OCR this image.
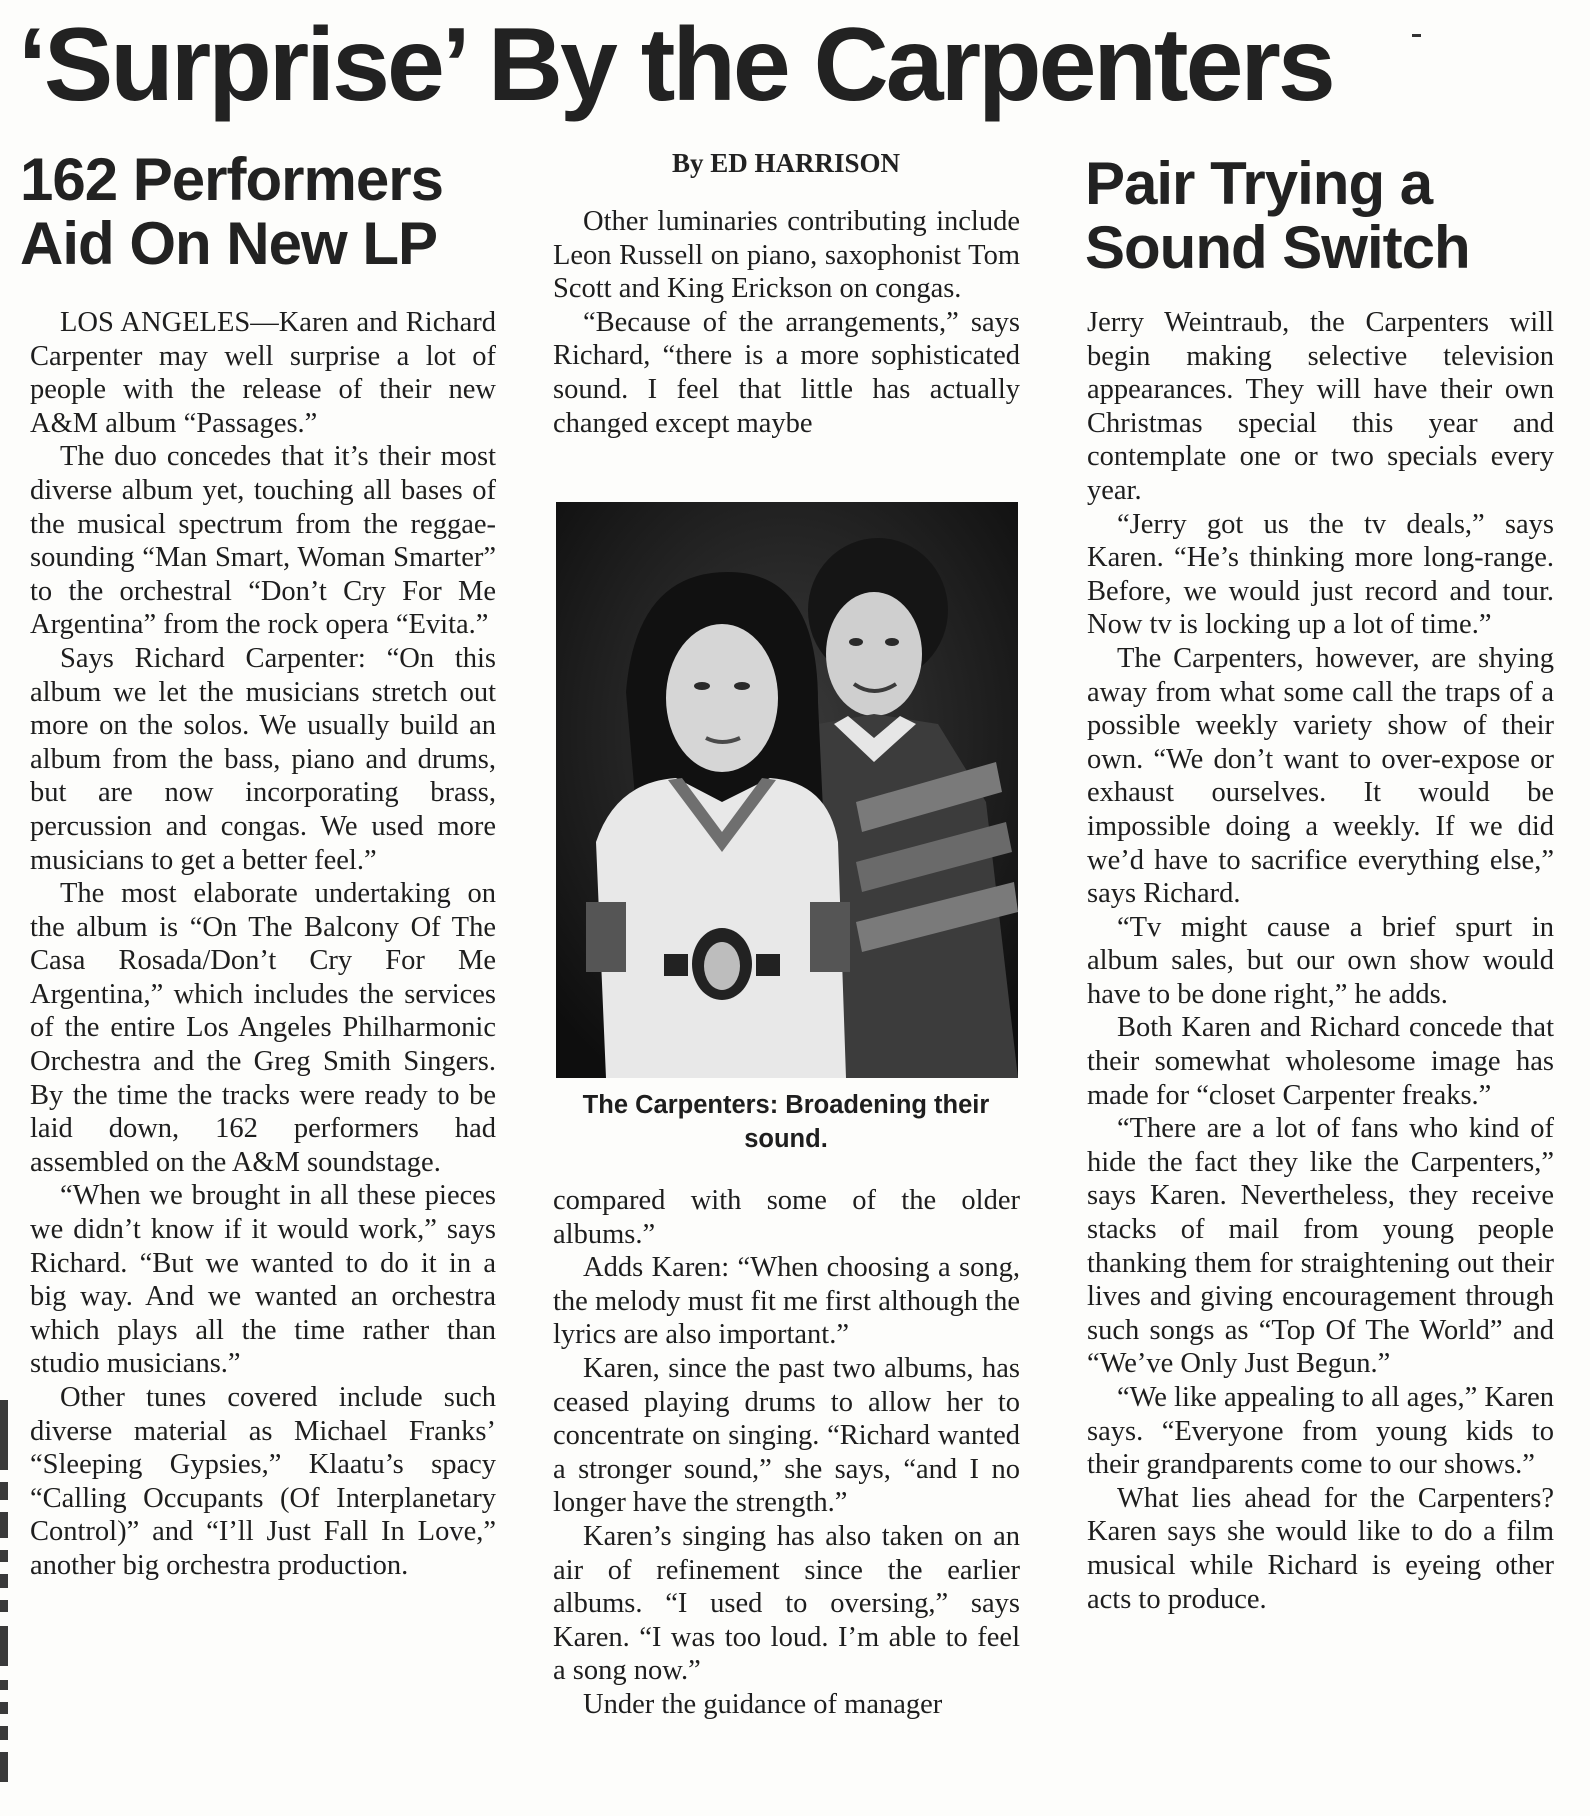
‘Surprise’ By the Carpenters
162 Performers Aid On New LP
Pair Trying a Sound Switch
By ED HARRISON

LOS ANGELES—Karen and Richard Carpenter may well surprise a lot of people with the release of their new A&M album “Passages.”

The duo concedes that it’s their most diverse album yet, touching all bases of the musical spectrum from the reggae-sounding “Man Smart, Woman Smarter” to the orchestral “Don’t Cry For Me Argentina” from the rock opera “Evita.”

Says Richard Carpenter: “On this album we let the musicians stretch out more on the solos. We usually build an album from the bass, piano and drums, but are now incorporating brass, percussion and congas. We used more musicians to get a better feel.”

The most elaborate undertaking on the album is “On The Balcony Of The Casa Rosada/Don’t Cry For Me Argentina,” which includes the services of the entire Los Angeles Philharmonic Orchestra and the Greg Smith Singers. By the time the tracks were ready to be laid down, 162 performers had assembled on the A&M soundstage.

“When we brought in all these pieces we didn’t know if it would work,” says Richard. “But we wanted to do it in a big way. And we wanted an orchestra which plays all the time rather than studio musicians.”

Other tunes covered include such diverse material as Michael Franks’ “Sleeping Gypsies,” Klaatu’s spacy “Calling Occupants (Of Interplanetary Control)” and “I’ll Just Fall In Love,” another big orchestra production.

Other luminaries contributing include Leon Russell on piano, saxophonist Tom Scott and King Erickson on congas.

“Because of the arrangements,” says Richard, “there is a more sophisticated sound. I feel that little has actually changed except maybe

The Carpenters: Broadening their sound.

compared with some of the older albums.”

Adds Karen: “When choosing a song, the melody must fit me first although the lyrics are also important.”

Karen, since the past two albums, has ceased playing drums to allow her to concentrate on singing. “Richard wanted a stronger sound,” she says, “and I no longer have the strength.”

Karen’s singing has also taken on an air of refinement since the earlier albums. “I used to oversing,” says Karen. “I was too loud. I’m able to feel a song now.”

Under the guidance of manager

Jerry Weintraub, the Carpenters will begin making selective television appearances. They will have their own Christmas special this year and contemplate one or two specials every year.

“Jerry got us the tv deals,” says Karen. “He’s thinking more long-range. Before, we would just record and tour. Now tv is locking up a lot of time.”

The Carpenters, however, are shying away from what some call the traps of a possible weekly variety show of their own. “We don’t want to over-expose or exhaust ourselves. It would be impossible doing a weekly. If we did we’d have to sacrifice everything else,” says Richard.

“Tv might cause a brief spurt in album sales, but our own show would have to be done right,” he adds.

Both Karen and Richard concede that their somewhat wholesome image has made for “closet Carpenter freaks.”

“There are a lot of fans who kind of hide the fact they like the Carpenters,” says Karen. Nevertheless, they receive stacks of mail from young people thanking them for straightening out their lives and giving encouragement through such songs as “Top Of The World” and “We’ve Only Just Begun.”

“We like appealing to all ages,” Karen says. “Everyone from young kids to their grandparents come to our shows.”

What lies ahead for the Carpenters? Karen says she would like to do a film musical while Richard is eyeing other acts to produce.
